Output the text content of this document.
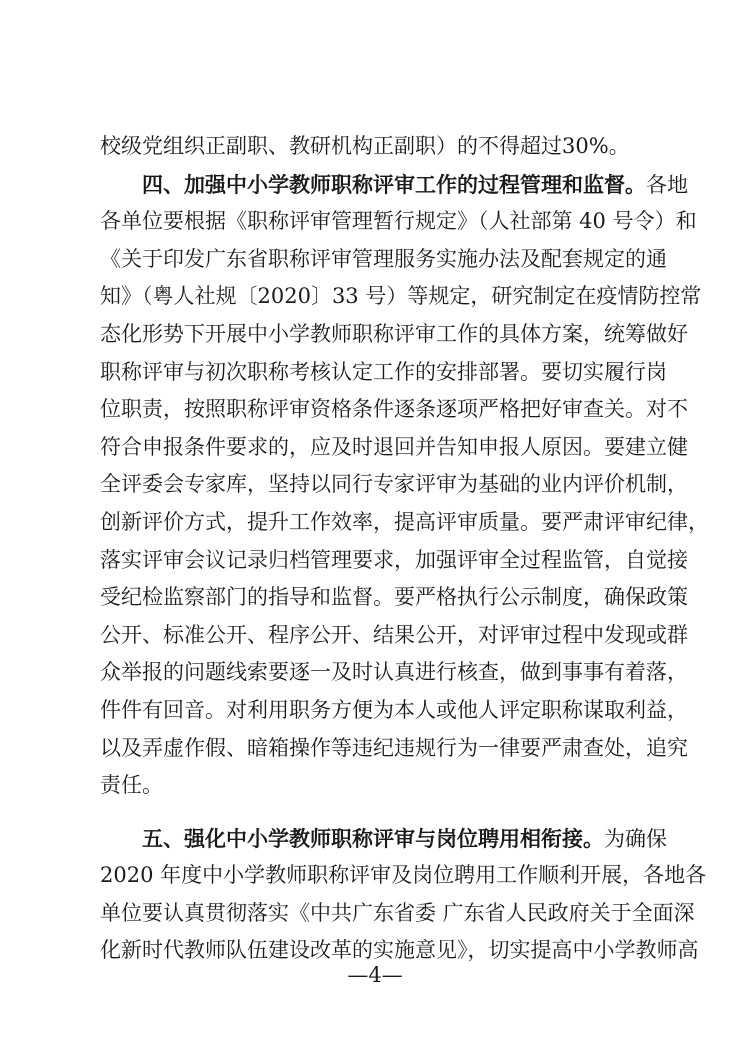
校级党组织正副职、教研机构正副职）的不得超过30%。
四、加强中小学教师职称评审工作的过程管理和监督。各地
各单位要根据《职称评审管理暂行规定》（人社部第 40 号令）和
《关于印发广东省职称评审管理服务实施办法及配套规定的通
知》（粤人社规〔2020〕33 号）等规定，研究制定在疫情防控常
态化形势下开展中小学教师职称评审工作的具体方案，统筹做好
职称评审与初次职称考核认定工作的安排部署。要切实履行岗
位职责，按照职称评审资格条件逐条逐项严格把好审查关。对不
符合申报条件要求的，应及时退回并告知申报人原因。要建立健
全评委会专家库，坚持以同行专家评审为基础的业内评价机制，
创新评价方式，提升工作效率，提高评审质量。要严肃评审纪律，
落实评审会议记录归档管理要求，加强评审全过程监管，自觉接
受纪检监察部门的指导和监督。要严格执行公示制度，确保政策
公开、标准公开、程序公开、结果公开，对评审过程中发现或群
众举报的问题线索要逐一及时认真进行核查，做到事事有着落，
件件有回音。对利用职务方便为本人或他人评定职称谋取利益，
以及弄虚作假、暗箱操作等违纪违规行为一律要严肃查处，追究
责任。
五、强化中小学教师职称评审与岗位聘用相衔接。为确保
2020 年度中小学教师职称评审及岗位聘用工作顺利开展，各地各
单位要认真贯彻落实《中共广东省委 广东省人民政府关于全面深
化新时代教师队伍建设改革的实施意见》，切实提高中小学教师高
—4—
